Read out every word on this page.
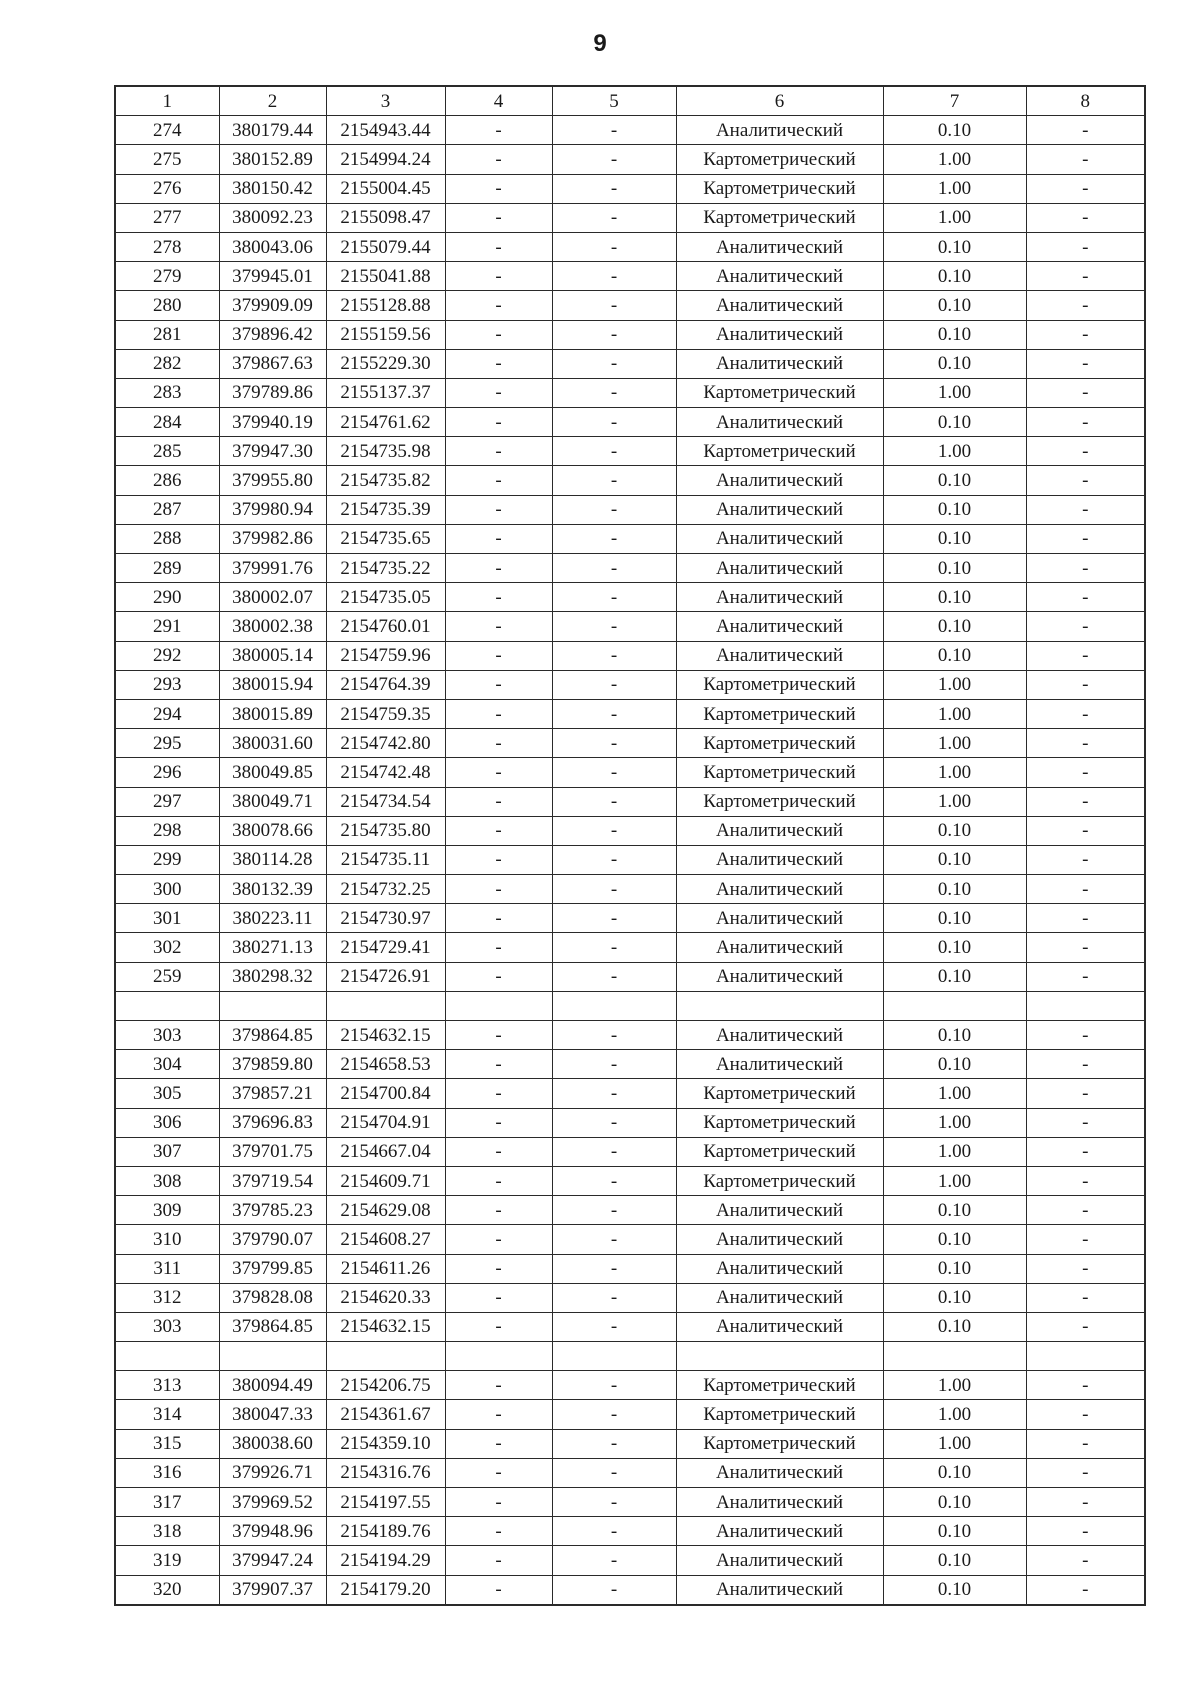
9
1	2	3	4	5	6	7	8
274	380179.44	2154943.44	-	-	Аналитический	0.10	-
275	380152.89	2154994.24	-	-	Картометрический	1.00	-
276	380150.42	2155004.45	-	-	Картометрический	1.00	-
277	380092.23	2155098.47	-	-	Картометрический	1.00	-
278	380043.06	2155079.44	-	-	Аналитический	0.10	-
279	379945.01	2155041.88	-	-	Аналитический	0.10	-
280	379909.09	2155128.88	-	-	Аналитический	0.10	-
281	379896.42	2155159.56	-	-	Аналитический	0.10	-
282	379867.63	2155229.30	-	-	Аналитический	0.10	-
283	379789.86	2155137.37	-	-	Картометрический	1.00	-
284	379940.19	2154761.62	-	-	Аналитический	0.10	-
285	379947.30	2154735.98	-	-	Картометрический	1.00	-
286	379955.80	2154735.82	-	-	Аналитический	0.10	-
287	379980.94	2154735.39	-	-	Аналитический	0.10	-
288	379982.86	2154735.65	-	-	Аналитический	0.10	-
289	379991.76	2154735.22	-	-	Аналитический	0.10	-
290	380002.07	2154735.05	-	-	Аналитический	0.10	-
291	380002.38	2154760.01	-	-	Аналитический	0.10	-
292	380005.14	2154759.96	-	-	Аналитический	0.10	-
293	380015.94	2154764.39	-	-	Картометрический	1.00	-
294	380015.89	2154759.35	-	-	Картометрический	1.00	-
295	380031.60	2154742.80	-	-	Картометрический	1.00	-
296	380049.85	2154742.48	-	-	Картометрический	1.00	-
297	380049.71	2154734.54	-	-	Картометрический	1.00	-
298	380078.66	2154735.80	-	-	Аналитический	0.10	-
299	380114.28	2154735.11	-	-	Аналитический	0.10	-
300	380132.39	2154732.25	-	-	Аналитический	0.10	-
301	380223.11	2154730.97	-	-	Аналитический	0.10	-
302	380271.13	2154729.41	-	-	Аналитический	0.10	-
259	380298.32	2154726.91	-	-	Аналитический	0.10	-

303	379864.85	2154632.15	-	-	Аналитический	0.10	-
304	379859.80	2154658.53	-	-	Аналитический	0.10	-
305	379857.21	2154700.84	-	-	Картометрический	1.00	-
306	379696.83	2154704.91	-	-	Картометрический	1.00	-
307	379701.75	2154667.04	-	-	Картометрический	1.00	-
308	379719.54	2154609.71	-	-	Картометрический	1.00	-
309	379785.23	2154629.08	-	-	Аналитический	0.10	-
310	379790.07	2154608.27	-	-	Аналитический	0.10	-
311	379799.85	2154611.26	-	-	Аналитический	0.10	-
312	379828.08	2154620.33	-	-	Аналитический	0.10	-
303	379864.85	2154632.15	-	-	Аналитический	0.10	-

313	380094.49	2154206.75	-	-	Картометрический	1.00	-
314	380047.33	2154361.67	-	-	Картометрический	1.00	-
315	380038.60	2154359.10	-	-	Картометрический	1.00	-
316	379926.71	2154316.76	-	-	Аналитический	0.10	-
317	379969.52	2154197.55	-	-	Аналитический	0.10	-
318	379948.96	2154189.76	-	-	Аналитический	0.10	-
319	379947.24	2154194.29	-	-	Аналитический	0.10	-
320	379907.37	2154179.20	-	-	Аналитический	0.10	-
